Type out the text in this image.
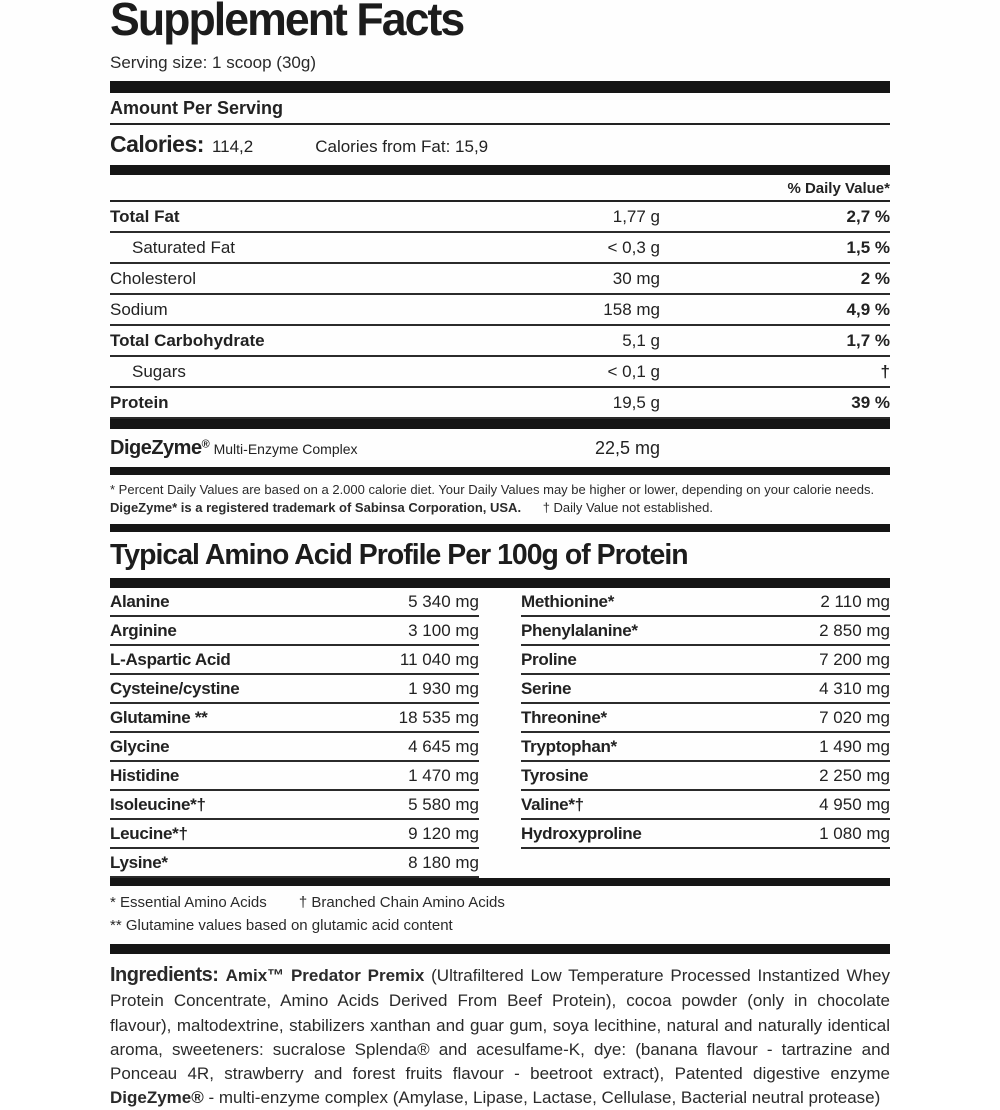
Supplement Facts
Serving size: 1 scoop (30g)
Amount Per Serving
Calories: 114,2	Calories from Fat: 15,9
% Daily Value*
Total Fat	1,77 g	2,7 %
Saturated Fat	< 0,3 g	1,5 %
Cholesterol	30 mg	2 %
Sodium	158 mg	4,9 %
Total Carbohydrate	5,1 g	1,7 %
Sugars	< 0,1 g	†
Protein	19,5 g	39 %
DigeZyme® Multi-Enzyme Complex	22,5 mg
* Percent Daily Values are based on a 2.000 calorie diet. Your Daily Values may be higher or lower, depending on your calorie needs.
DigeZyme* is a registered trademark of Sabinsa Corporation, USA. † Daily Value not established.
Typical Amino Acid Profile Per 100g of Protein
Alanine	5 340 mg
Arginine	3 100 mg
L-Aspartic Acid	11 040 mg
Cysteine/cystine	1 930 mg
Glutamine **	18 535 mg
Glycine	4 645 mg
Histidine	1 470 mg
Isoleucine*†	5 580 mg
Leucine*†	9 120 mg
Lysine*	8 180 mg
Methionine*	2 110 mg
Phenylalanine*	2 850 mg
Proline	7 200 mg
Serine	4 310 mg
Threonine*	7 020 mg
Tryptophan*	1 490 mg
Tyrosine	2 250 mg
Valine*†	4 950 mg
Hydroxyproline	1 080 mg
* Essential Amino Acids † Branched Chain Amino Acids
** Glutamine values based on glutamic acid content
Ingredients: Amix™ Predator Premix (Ultrafiltered Low Temperature Processed Instantized Whey Protein Concentrate, Amino Acids Derived From Beef Protein), cocoa powder (only in chocolate flavour), maltodextrine, stabilizers xanthan and guar gum, soya lecithine, natural and naturally identical aroma, sweeteners: sucralose Splenda® and acesulfame-K, dye: (banana flavour - tartrazine and Ponceau 4R, strawberry and forest fruits flavour - beetroot extract), Patented digestive enzyme DigeZyme® - multi-enzyme complex (Amylase, Lipase, Lactase, Cellulase, Bacterial neutral protease)
